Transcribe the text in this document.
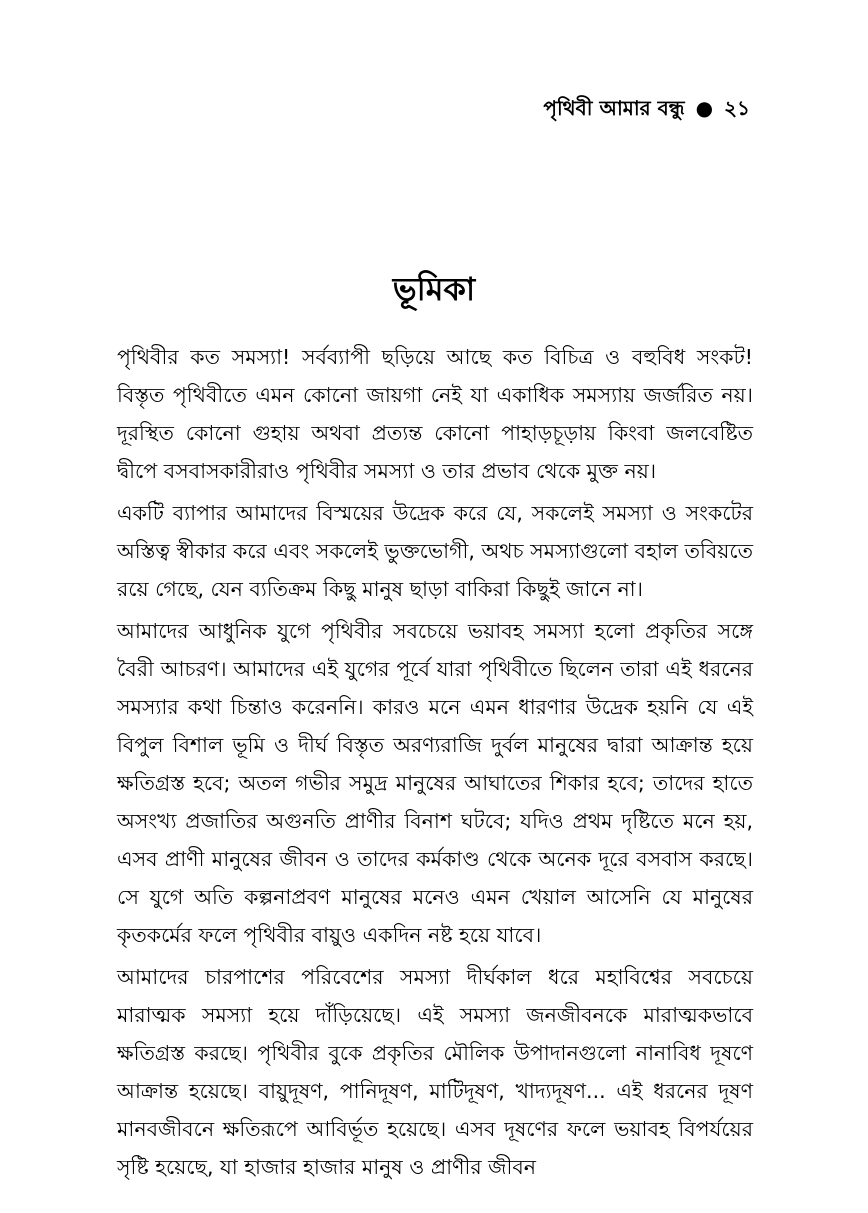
পৃথিবী আমার বন্ধু ● ২১
ভূমিকা

পৃথিবীর কত সমস্যা! সর্বব্যাপী ছড়িয়ে আছে কত বিচিত্র ও বহুবিধ সংকট! বিস্তৃত পৃথিবীতে এমন কোনো জায়গা নেই যা একাধিক সমস্যায় জর্জরিত নয়। দূরস্থিত কোনো গুহায় অথবা প্রত্যন্ত কোনো পাহাড়চূড়ায় কিংবা জলবেষ্টিত দ্বীপে বসবাসকারীরাও পৃথিবীর সমস্যা ও তার প্রভাব থেকে মুক্ত নয়।

একটি ব্যাপার আমাদের বিস্ময়ের উদ্রেক করে যে, সকলেই সমস্যা ও সংকটের অস্তিত্ব স্বীকার করে এবং সকলেই ভুক্তভোগী, অথচ সমস্যাগুলো বহাল তবিয়তে রয়ে গেছে, যেন ব্যতিক্রম কিছু মানুষ ছাড়া বাকিরা কিছুই জানে না।

আমাদের আধুনিক যুগে পৃথিবীর সবচেয়ে ভয়াবহ সমস্যা হলো প্রকৃতির সঙ্গে বৈরী আচরণ। আমাদের এই যুগের পূর্বে যারা পৃথিবীতে ছিলেন তারা এই ধরনের সমস্যার কথা চিন্তাও করেননি। কারও মনে এমন ধারণার উদ্রেক হয়নি যে এই বিপুল বিশাল ভূমি ও দীর্ঘ বিস্তৃত অরণ্যরাজি দুর্বল মানুষের দ্বারা আক্রান্ত হয়ে ক্ষতিগ্রস্ত হবে; অতল গভীর সমুদ্র মানুষের আঘাতের শিকার হবে; তাদের হাতে অসংখ্য প্রজাতির অগুনতি প্রাণীর বিনাশ ঘটবে; যদিও প্রথম দৃষ্টিতে মনে হয়, এসব প্রাণী মানুষের জীবন ও তাদের কর্মকাণ্ড থেকে অনেক দূরে বসবাস করছে। সে যুগে অতি কল্পনাপ্রবণ মানুষের মনেও এমন খেয়াল আসেনি যে মানুষের কৃতকর্মের ফলে পৃথিবীর বায়ুও একদিন নষ্ট হয়ে যাবে।

আমাদের চারপাশের পরিবেশের সমস্যা দীর্ঘকাল ধরে মহাবিশ্বের সবচেয়ে মারাত্মক সমস্যা হয়ে দাঁড়িয়েছে। এই সমস্যা জনজীবনকে মারাত্মকভাবে ক্ষতিগ্রস্ত করছে। পৃথিবীর বুকে প্রকৃতির মৌলিক উপাদানগুলো নানাবিধ দূষণে আক্রান্ত হয়েছে। বায়ুদূষণ, পানিদূষণ, মাটিদূষণ, খাদ্যদূষণ... এই ধরনের দূষণ মানবজীবনে ক্ষতিরূপে আবির্ভূত হয়েছে। এসব দূষণের ফলে ভয়াবহ বিপর্যয়ের সৃষ্টি হয়েছে, যা হাজার হাজার মানুষ ও প্রাণীর জীবন
